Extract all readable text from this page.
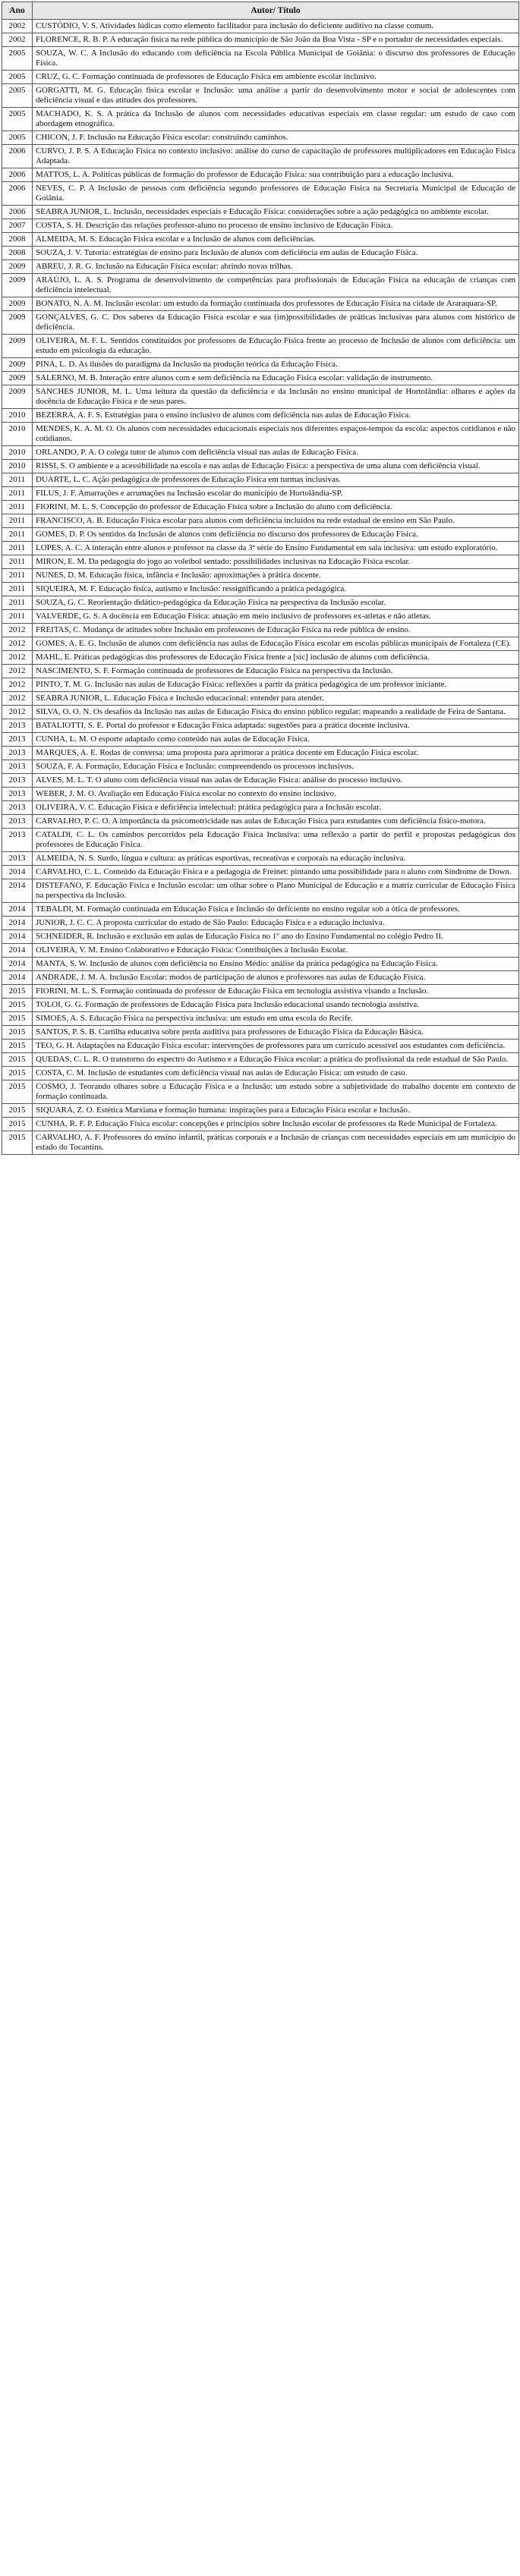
Ano	Autor/ Título
2002	CUSTÓDIO, V. S. Atividades lúdicas como elemento facilitador para inclusão do deficiente auditivo na classe comum.
2002	FLORENCE, R. B. P. A educação física na rede pública do município de São João da Boa Vista - SP e o portador de necessidades especiais.
2005	SOUZA, W. C. A Inclusão do educando com deficiência na Escola Pública Municipal de Goiânia: o discurso dos professores de Educação Física.
2005	CRUZ, G. C. Formação continuada de professores de Educação Física em ambiente escolar inclusivo.
2005	GORGATTI, M. G. Educação física escolar e Inclusão: uma análise a partir do desenvolvimento motor e social de adolescentes com deficiência visual e das atitudes dos professores.
2005	MACHADO, K. S. A prática da Inclusão de alunos com necessidades educativas especiais em classe regular: um estudo de caso com abordagem etnográfica.
2005	CHICON, J. F. Inclusão na Educação Física escolar: construindo caminhos.
2006	CURVO, J. P. S. A Educação Física no contexto inclusivo: análise do curso de capacitação de professores multiplicadores em Educação Física Adaptada.
2006	MATTOS, L. A. Políticas públicas de formação do professor de Educação Física: sua contribuição para a educação inclusiva.
2006	NEVES, C. P. A Inclusão de pessoas com deficiência segundo professores de Educação Física na Secretaria Municipal de Educação de Goiânia.
2006	SEABRA JUNIOR, L. Inclusão, necessidades especiais e Educação Física: considerações sobre a ação pedagógica no ambiente escolar.
2007	COSTA, S. H. Descrição das relações professor-aluno no processo de ensino inclusivo de Educação Física.
2008	ALMEIDA, M. S. Educação Física escolar e a Inclusão de alunos com deficiências.
2008	SOUZA, J. V. Tutoria: estratégias de ensino para Inclusão de alunos com deficiência em aulas de Educação Física.
2009	ABREU, J. R. G. Inclusão na Educação Física escolar: abrindo novas trilhas.
2009	ARAÚJO, L. A. S. Programa de desenvolvimento de competências para profissionais de Educação Física na educação de crianças com deficiência intelectual.
2009	BONATO, N. A. M. Inclusão escolar: um estudo da formação continuada dos professores de Educação Física na cidade de Araraquara-SP.
2009	GONÇALVES, G. C. Dos saberes da Educação Física escolar e sua (im)possibilidades de práticas inclusivas para alunos com histórico de deficiência.
2009	OLIVEIRA, M. F. L. Sentidos constituídos por professores de Educação Física frente ao processo de Inclusão de alunos com deficiência: um estudo em psicologia da educação.
2009	PINA, L. D. As ilusões do paradigma da Inclusão na produção teórica da Educação Física.
2009	SALERNO, M. B. Interação entre alunos com e sem deficiência na Educação Física escolar: validação de instrumento.
2009	SANCHES JUNIOR, M. L. Uma leitura da questão da deficiência e da Inclusão no ensino municipal de Hortolândia: olhares e ações da docência de Educação Física e de seus pares.
2010	BEZERRA, A. F. S. Estratégias para o ensino inclusivo de alunos com deficiência nas aulas de Educação Física.
2010	MENDES, K. A. M. O. Os alunos com necessidades educacionais especiais nos diferentes espaços-tempos da escola: aspectos cotidianos e não cotidianos.
2010	ORLANDO, P. A. O colega tutor de alunos com deficiência visual nas aulas de Educação Física.
2010	RISSI, S. O ambiente e a acessibilidade na escola e nas aulas de Educação Física: a perspectiva de uma aluna com deficiência visual.
2011	DUARTE, L. C. Ação pedagógica de professores de Educação Física em turmas inclusivas.
2011	FILUS, J. F. Amarrações e arrumações na Inclusão escolar do município de Hortolândia-SP.
2011	FIORINI, M. L. S. Concepção do professor de Educação Física sobre a Inclusão do aluno com deficiência.
2011	FRANCISCO, A. B. Educação Física escolar para alunos com deficiência incluídos na rede estadual de ensino em São Paulo.
2011	GOMES, D. P. Os sentidos da Inclusão de alunos com deficiência no discurso dos professores de Educação Física.
2011	LOPES, A. C. A interação entre alunos e professor na classe da 3ª série do Ensino Fundamental em sala inclusiva: um estudo exploratório.
2011	MIRON, E. M. Da pedagogia do jogo ao voleibol sentado: possibilidades inclusivas na Educação Física escolar.
2011	NUNES, D. M. Educação física, infância e Inclusão: aproximações à prática docente.
2011	SIQUEIRA, M. F. Educação física, autismo e Inclusão: ressignificando a prática pedagógica.
2011	SOUZA, G. C. Reorientação didático-pedagógica da Educação Física na perspectiva da Inclusão escolar.
2011	VALVERDE, G. S. A docência em Educação Física: atuação em meio inclusivo de professores ex-atletas e não atletas.
2012	FREITAS, C. Mudança de atitudes sobre Inclusão em professores de Educação Física na rede pública de ensino.
2012	GOMES, A. E. G. Inclusão de alunos com deficiência nas aulas de Educação Física escolar em escolas públicas municipais de Fortaleza (CE).
2012	MAHL, E. Práticas pedagógicas dos professores de Educação Física frente a [sic] inclusão de alunos com deficiência.
2012	NASCIMENTO, S. F. Formação continuada de professores de Educação Física na perspectiva da Inclusão.
2012	PINTO, T. M. G. Inclusão nas aulas de Educação Física: reflexões a partir da prática pedagógica de um professor iniciante.
2012	SEABRA JUNIOR, L. Educação Física e Inclusão educacional: entender para atender.
2012	SILVA, O. O. N. Os desafios da Inclusão nas aulas de Educação Física do ensino público regular: mapeando a realidade de Feira de Santana.
2013	BATALIOTTI, S. E. Portal do professor e Educação Física adaptada: sugestões para a prática docente inclusiva.
2013	CUNHA, L. M. O esporte adaptado como conteúdo nas aulas de Educação Física.
2013	MARQUES, A. E. Rodas de conversa: uma proposta para aprimorar a prática docente em Educação Física escolar.
2013	SOUZA, F. A. Formação, Educação Física e Inclusão: compreendendo os processos inclusivos.
2013	ALVES, M. L. T. O aluno com deficiência visual nas aulas de Educação Física: análise do processo inclusivo.
2013	WEBER, J. M. O. Avaliação em Educação Física escolar no contexto do ensino inclusivo.
2013	OLIVEIRA, V. C. Educação Física e deficiência intelectual: prática pedagógica para a Inclusão escolar.
2013	CARVALHO, P. C. O. A importância da psicomotricidade nas aulas de Educação Física para estudantes com deficiência físico-motora.
2013	CATALDI, C. L. Os caminhos percorridos pela Educação Física Inclusiva: uma reflexão a partir do perfil e propostas pedagógicas dos professores de Educação Física.
2013	ALMEIDA, N. S. Surdo, língua e cultura: as práticas esportivas, recreativas e corporais na educação inclusiva.
2014	CARVALHO, C. L. Conteúdo da Educação Física e a pedagogia de Freinet: pintando uma possibilidade para o aluno com Síndrome de Down.
2014	DISTEFANO, F. Educação Física e Inclusão escolar: um olhar sobre o Plano Municipal de Educação e a matriz curricular de Educação Física na perspectiva da Inclusão.
2014	TEBALDI, M. Formação continuada em Educação Física e Inclusão do deficiente no ensino regular sob a ótica de professores.
2014	JUNIOR, J. C. C. A proposta curricular do estado de São Paulo: Educação Física e a educação inclusiva.
2014	SCHNEIDER, R. Inclusão e exclusão em aulas de Educação Física no 1º ano do Ensino Fundamental no colégio Pedro II.
2014	OLIVEIRA, V. M. Ensino Colaborativo e Educação Física: Contribuições à Inclusão Escolar.
2014	MANTA, S. W. Inclusão de alunos com deficiência no Ensino Médio: análise da prática pedagógica na Educação Física.
2014	ANDRADE, J. M. A. Inclusão Escolar: modos de participação de alunos e professores nas aulas de Educação Física.
2015	FIORINI, M. L. S. Formação continuada do professor de Educação Física em tecnologia assistiva visando a Inclusão.
2015	TOLOI, G. G. Formação de professores de Educação Física para Inclusão educacional usando tecnologia assistiva.
2015	SIMOES, A. S. Educação Física na perspectiva inclusiva: um estudo em uma escola do Recife.
2015	SANTOS, P. S. B. Cartilha educativa sobre perda auditiva para professores de Educação Física da Educação Básica.
2015	TEO, G. H. Adaptações na Educação Física escolar: intervenções de professores para um currículo acessível aos estudantes com deficiência.
2015	QUEDAS, C. L. R. O transtorno do espectro do Autismo e a Educação Física escolar: a prática do profissional da rede estadual de São Paulo.
2015	COSTA, C. M. Inclusão de estudantes com deficiência visual nas aulas de Educação Física: um estudo de caso.
2015	COSMO, J. Teorando olhares sobre a Educação Física e a Inclusão: um estudo sobre a subjetividade do trabalho docente em contexto de formação continuada.
2015	SIQUARA, Z. O. Estética Marxiana e formação humana: inspirações para a Educação Física escolar e Inclusão.
2015	CUNHA, R. F. P. Educação Física escolar: concepções e princípios sobre Inclusão escolar de professores da Rede Municipal de Fortaleza.
2015	CARVALHO, A. F. Professores do ensino infantil, práticas corporais e a Inclusão de crianças com necessidades especiais em um município do estado do Tocantins.
